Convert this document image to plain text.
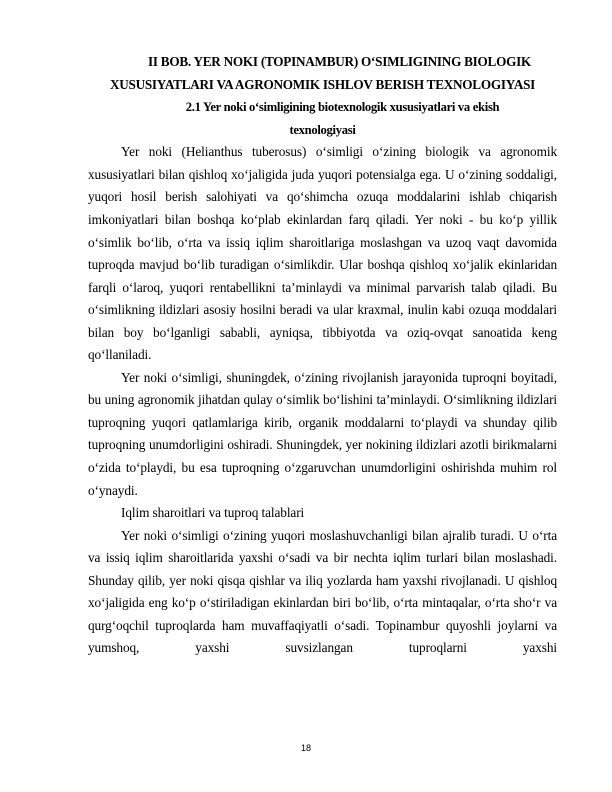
II BOB. YER NOKI (TOPINAMBUR) O‘SIMLIGINING BIOLOGIK
XUSUSIYATLARI VA AGRONOMIK ISHLOV BERISH TEXNOLOGIYASI
2.1 Yer noki o‘simligining biotexnologik xususiyatlari va ekish
texnologiyasi

Yer noki (Helianthus tuberosus) o‘simligi o‘zining biologik va agronomik xususiyatlari bilan qishloq xo‘jaligida juda yuqori potensialga ega. U o‘zining soddaligi, yuqori hosil berish salohiyati va qo‘shimcha ozuqa moddalarini ishlab chiqarish imkoniyatlari bilan boshqa ko‘plab ekinlardan farq qiladi. Yer noki - bu ko‘p yillik o‘simlik bo‘lib, o‘rta va issiq iqlim sharoitlariga moslashgan va uzoq vaqt davomida tuproqda mavjud bo‘lib turadigan o‘simlikdir. Ular boshqa qishloq xo‘jalik ekinlaridan farqli o‘laroq, yuqori rentabellikni ta’minlaydi va minimal parvarish talab qiladi. Bu o‘simlikning ildizlari asosiy hosilni beradi va ular kraxmal, inulin kabi ozuqa moddalari bilan boy bo‘lganligi sababli, ayniqsa, tibbiyotda va oziq-ovqat sanoatida keng qo‘llaniladi.

Yer noki o‘simligi, shuningdek, o‘zining rivojlanish jarayonida tuproqni boyitadi, bu uning agronomik jihatdan qulay o‘simlik bo‘lishini ta’minlaydi. O‘simlikning ildizlari tuproqning yuqori qatlamlariga kirib, organik moddalarni to‘playdi va shunday qilib tuproqning unumdorligini oshiradi. Shuningdek, yer nokining ildizlari azotli birikmalarni o‘zida to‘playdi, bu esa tuproqning o‘zgaruvchan unumdorligini oshirishda muhim rol o‘ynaydi.

Iqlim sharoitlari va tuproq talablari

Yer noki o‘simligi o‘zining yuqori moslashuvchanligi bilan ajralib turadi. U o‘rta va issiq iqlim sharoitlarida yaxshi o‘sadi va bir nechta iqlim turlari bilan moslashadi. Shunday qilib, yer noki qisqa qishlar va iliq yozlarda ham yaxshi rivojlanadi. U qishloq xo‘jaligida eng ko‘p o‘stiriladigan ekinlardan biri bo‘lib, o‘rta mintaqalar, o‘rta sho‘r va qurg‘oqchil tuproqlarda ham muvaffaqiyatli o‘sadi. Topinambur quyoshli joylarni va yumshoq, yaxshi suvsizlangan tuproqlarni yaxshi

18
